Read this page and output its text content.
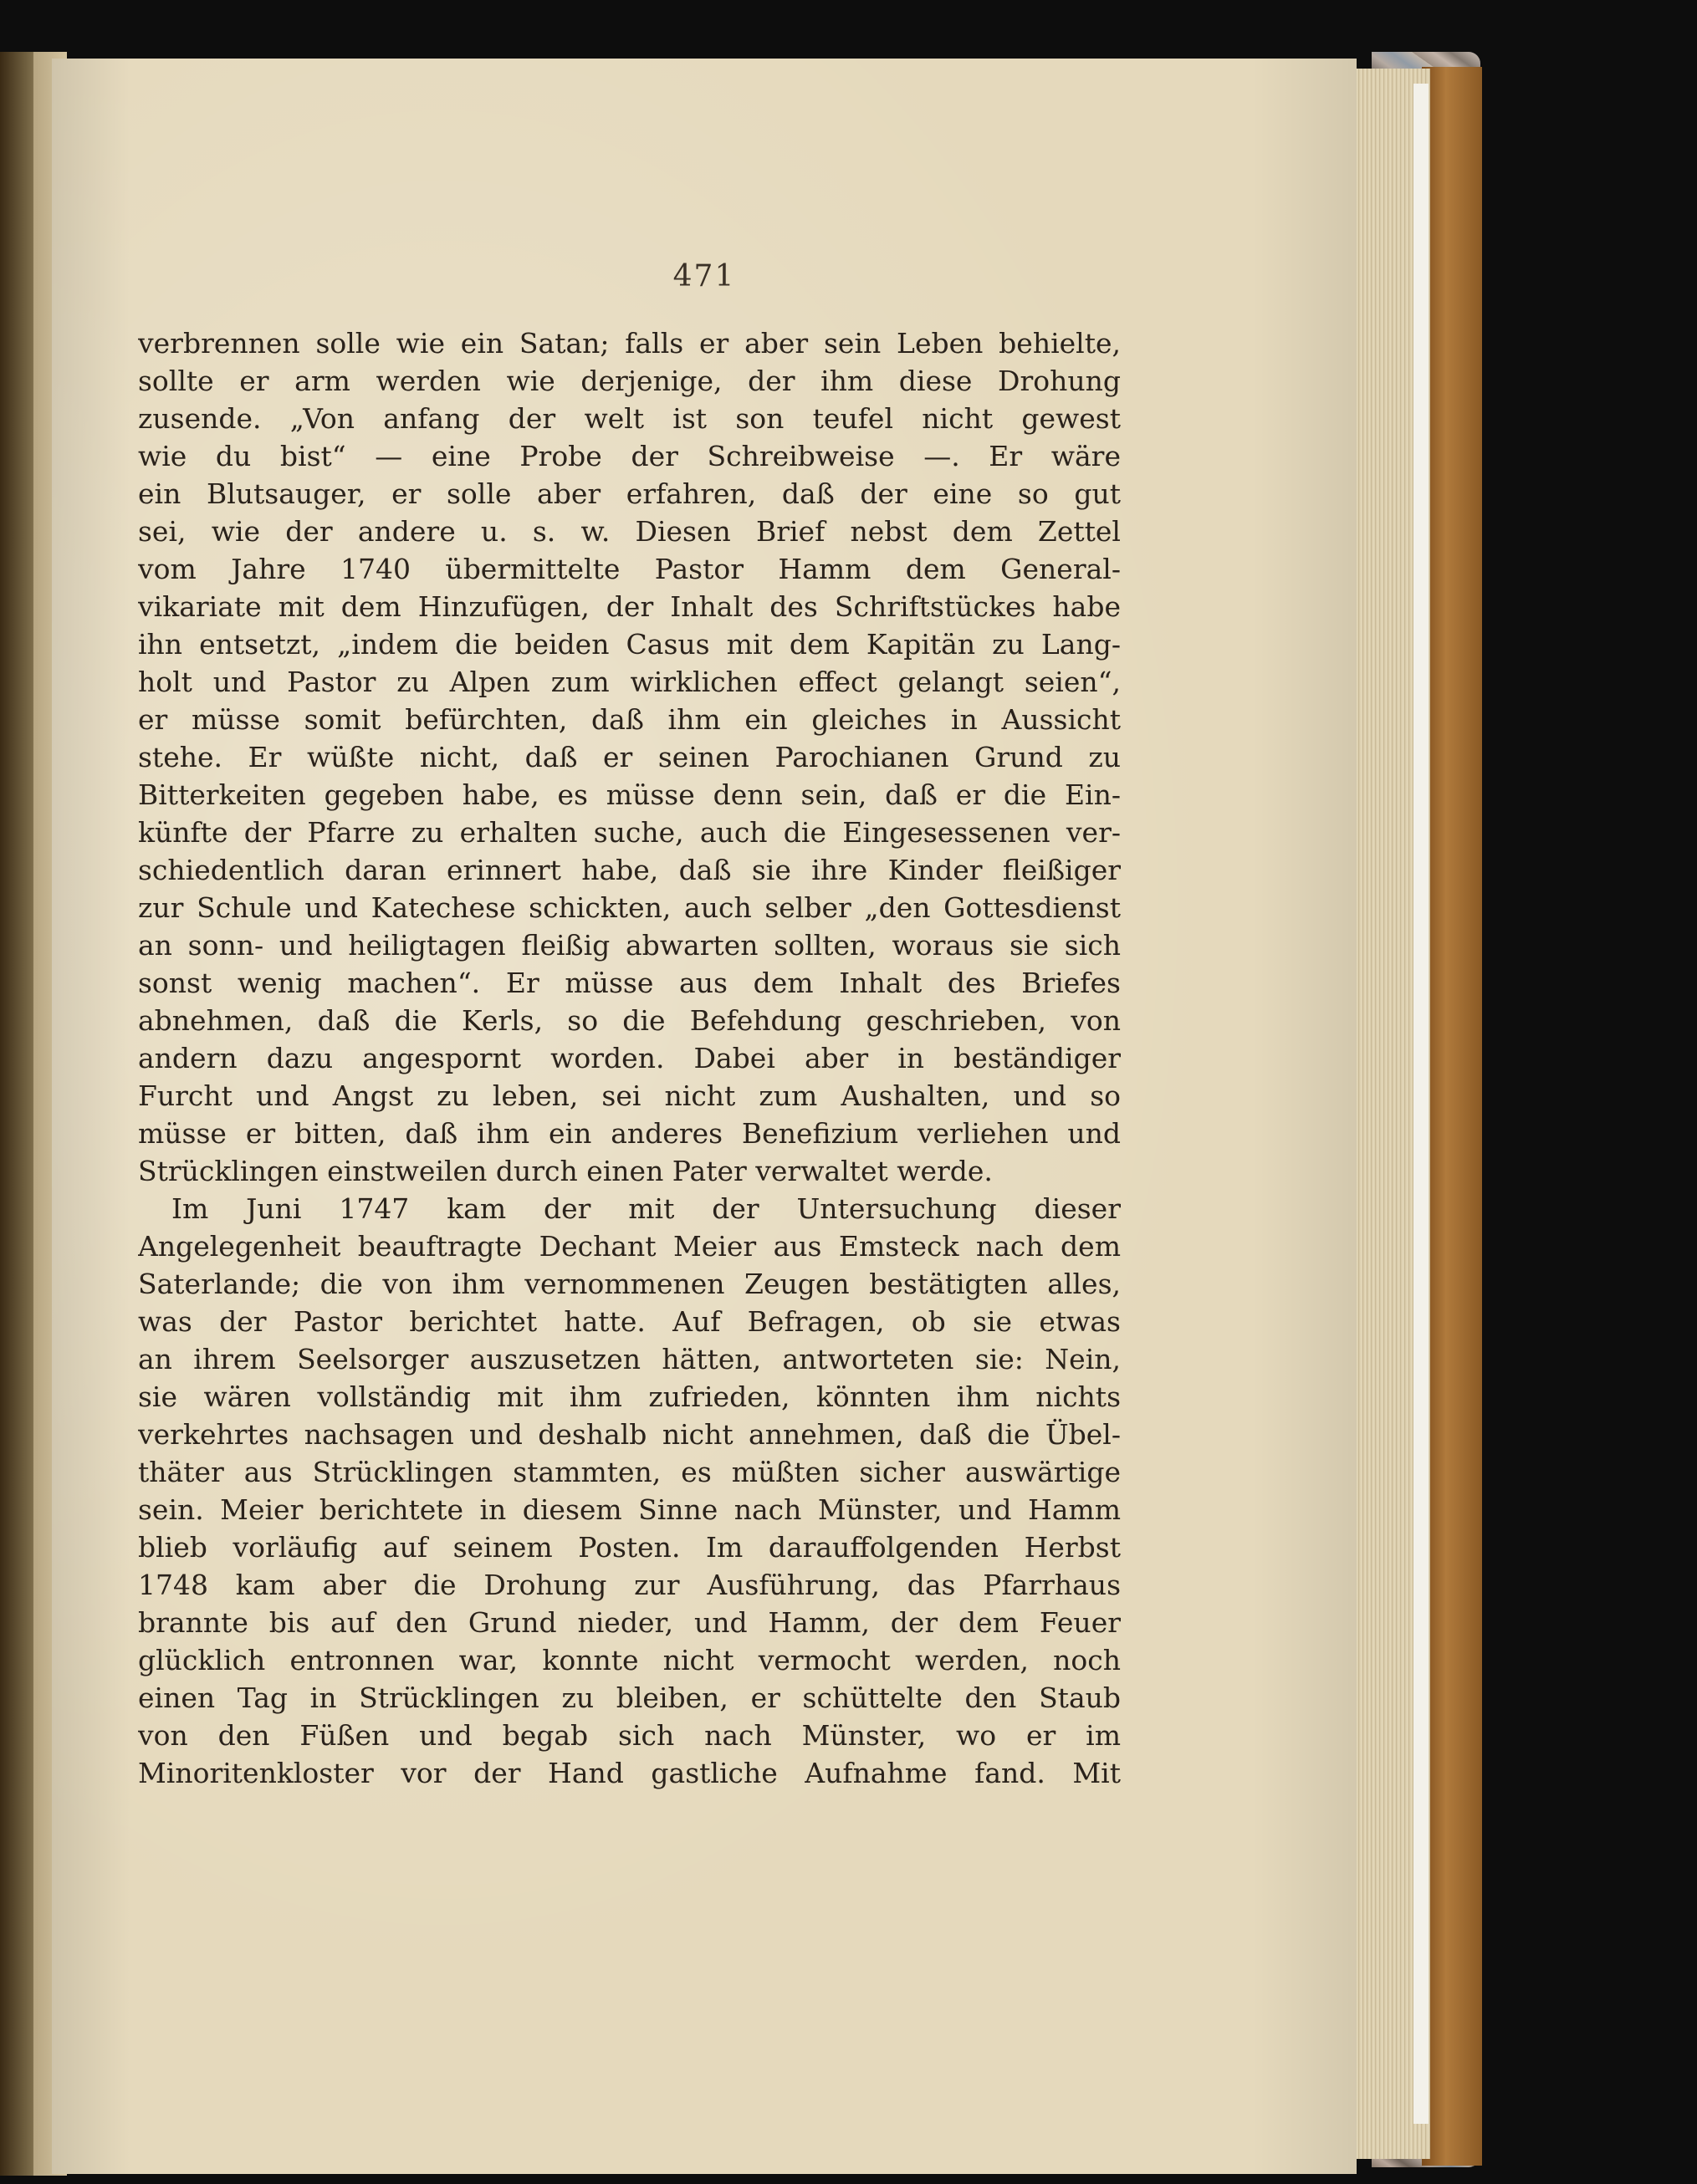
471
verbrennen solle wie ein Satan; falls er aber sein Leben behielte,
sollte er arm werden wie derjenige, der ihm diese Drohung
zusende. „Von anfang der welt ist son teufel nicht gewest
wie du bist“ — eine Probe der Schreibweise —. Er wäre
ein Blutsauger, er solle aber erfahren, daß der eine so gut
sei, wie der andere u. s. w. Diesen Brief nebst dem Zettel
vom Jahre 1740 übermittelte Pastor Hamm dem General-
vikariate mit dem Hinzufügen, der Inhalt des Schriftstückes habe
ihn entsetzt, „indem die beiden Casus mit dem Kapitän zu Lang-
holt und Pastor zu Alpen zum wirklichen effect gelangt seien“,
er müsse somit befürchten, daß ihm ein gleiches in Aussicht
stehe. Er wüßte nicht, daß er seinen Parochianen Grund zu
Bitterkeiten gegeben habe, es müsse denn sein, daß er die Ein-
künfte der Pfarre zu erhalten suche, auch die Eingesessenen ver-
schiedentlich daran erinnert habe, daß sie ihre Kinder fleißiger
zur Schule und Katechese schickten, auch selber „den Gottesdienst
an sonn- und heiligtagen fleißig abwarten sollten, woraus sie sich
sonst wenig machen“. Er müsse aus dem Inhalt des Briefes
abnehmen, daß die Kerls, so die Befehdung geschrieben, von
andern dazu angespornt worden. Dabei aber in beständiger
Furcht und Angst zu leben, sei nicht zum Aushalten, und so
müsse er bitten, daß ihm ein anderes Benefizium verliehen und
Strücklingen einstweilen durch einen Pater verwaltet werde.
Im Juni 1747 kam der mit der Untersuchung dieser
Angelegenheit beauftragte Dechant Meier aus Emsteck nach dem
Saterlande; die von ihm vernommenen Zeugen bestätigten alles,
was der Pastor berichtet hatte. Auf Befragen, ob sie etwas
an ihrem Seelsorger auszusetzen hätten, antworteten sie: Nein,
sie wären vollständig mit ihm zufrieden, könnten ihm nichts
verkehrtes nachsagen und deshalb nicht annehmen, daß die Übel-
thäter aus Strücklingen stammten, es müßten sicher auswärtige
sein. Meier berichtete in diesem Sinne nach Münster, und Hamm
blieb vorläufig auf seinem Posten. Im darauffolgenden Herbst
1748 kam aber die Drohung zur Ausführung, das Pfarrhaus
brannte bis auf den Grund nieder, und Hamm, der dem Feuer
glücklich entronnen war, konnte nicht vermocht werden, noch
einen Tag in Strücklingen zu bleiben, er schüttelte den Staub
von den Füßen und begab sich nach Münster, wo er im
Minoritenkloster vor der Hand gastliche Aufnahme fand. Mit
